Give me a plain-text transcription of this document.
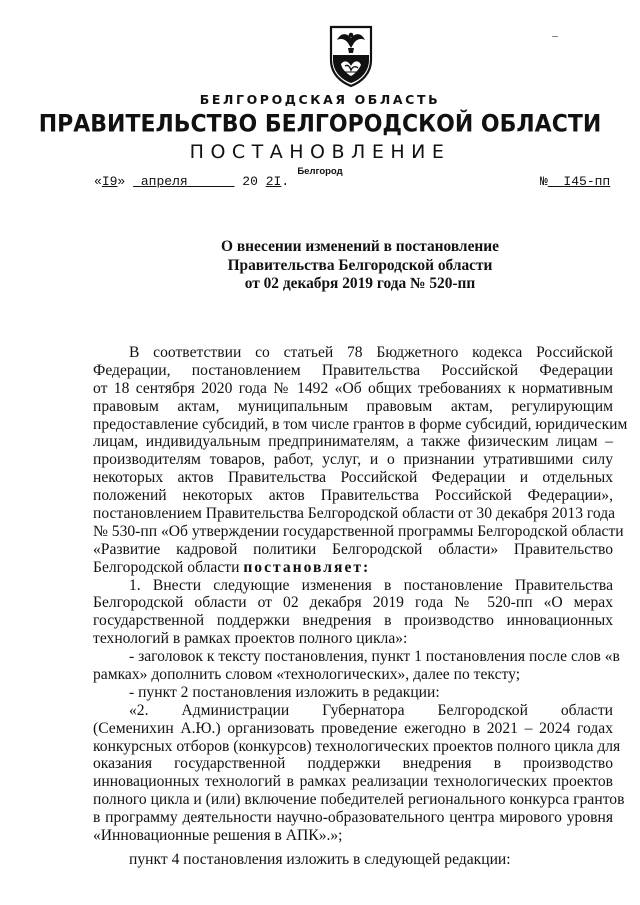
БЕЛГОРОДСКАЯ ОБЛАСТЬ
ПРАВИТЕЛЬСТВО БЕЛГОРОДСКОЙ ОБЛАСТИ
ПОСТАНОВЛЕНИЕ
Белгород
«I9» апреля	20 2I.	№ I45-пп
О внесении изменений в постановление
Правительства Белгородской области
от 02 декабря 2019 года № 520-пп
В соответствии со статьей 78 Бюджетного кодекса Российской
Федерации, постановлением Правительства Российской Федерации
от 18 сентября 2020 года № 1492 «Об общих требованиях к нормативным
правовым актам, муниципальным правовым актам, регулирующим
предоставление субсидий, в том числе грантов в форме субсидий, юридическим
лицам, индивидуальным предпринимателям, а также физическим лицам –
производителям товаров, работ, услуг, и о признании утратившими силу
некоторых актов Правительства Российской Федерации и отдельных
положений некоторых актов Правительства Российской Федерации»,
постановлением Правительства Белгородской области от 30 декабря 2013 года
№ 530-пп «Об утверждении государственной программы Белгородской области
«Развитие кадровой политики Белгородской области» Правительство
Белгородской области постановляет:
1. Внести следующие изменения в постановление Правительства
Белгородской области от 02 декабря 2019 года № 520-пп «О мерах
государственной поддержки внедрения в производство инновационных
технологий в рамках проектов полного цикла»:
- заголовок к тексту постановления, пункт 1 постановления после слов «в
рамках» дополнить словом «технологических», далее по тексту;
- пункт 2 постановления изложить в редакции:
«2. Администрации Губернатора Белгородской области
(Семенихин А.Ю.) организовать проведение ежегодно в 2021 – 2024 годах
конкурсных отборов (конкурсов) технологических проектов полного цикла для
оказания государственной поддержки внедрения в производство
инновационных технологий в рамках реализации технологических проектов
полного цикла и (или) включение победителей регионального конкурса грантов
в программу деятельности научно-образовательного центра мирового уровня
«Инновационные решения в АПК».»;
пункт 4 постановления изложить в следующей редакции:
